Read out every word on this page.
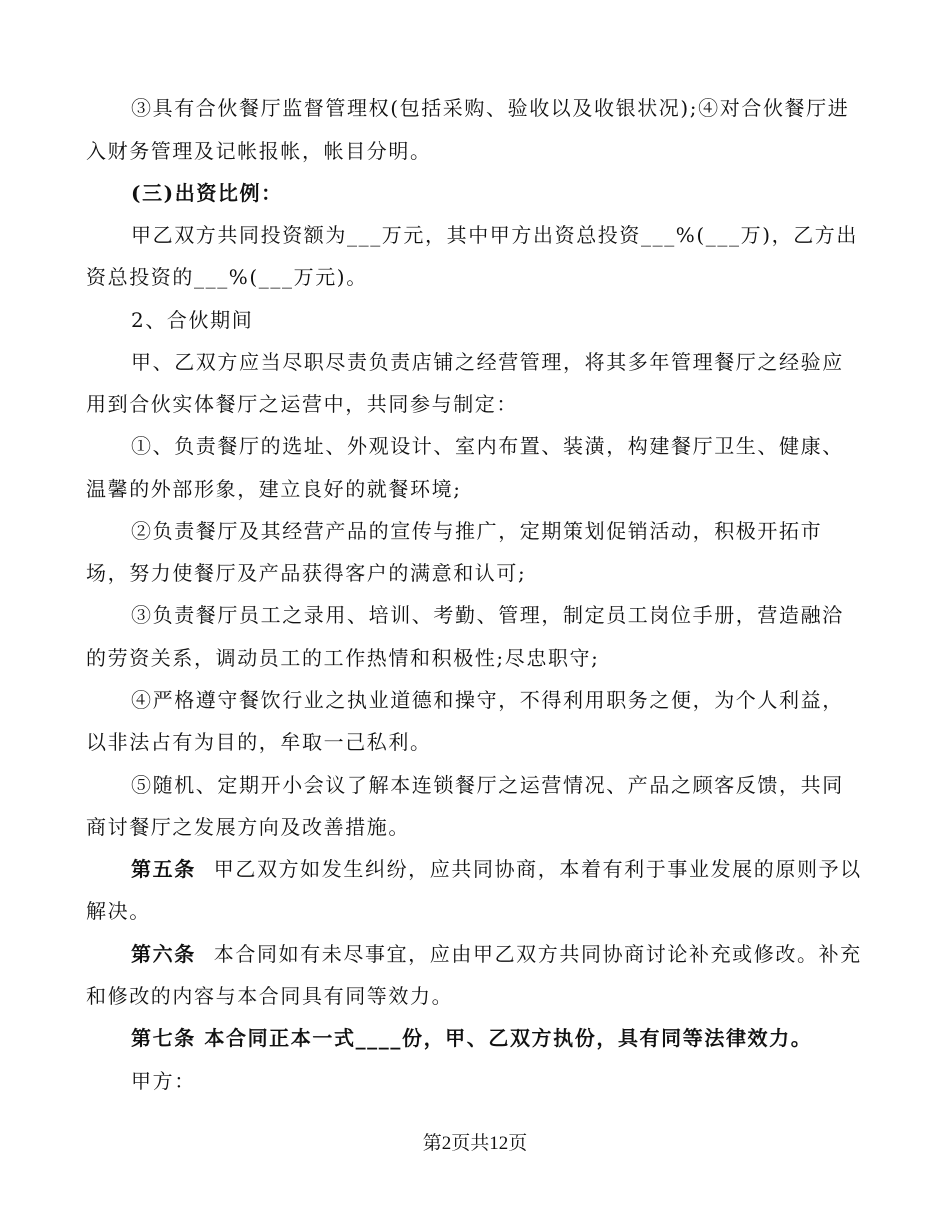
③具有合伙餐厅监督管理权(包括采购、验收以及收银状况);④对合伙餐厅进
入财务管理及记帐报帐，帐目分明。
(三)出资比例：
甲乙双方共同投资额为___万元，其中甲方出资总投资___%(___万)，乙方出
资总投资的___%(___万元)。
2、合伙期间
甲、乙双方应当尽职尽责负责店铺之经营管理，将其多年管理餐厅之经验应
用到合伙实体餐厅之运营中，共同参与制定：
①、负责餐厅的选址、外观设计、室内布置、装潢，构建餐厅卫生、健康、
温馨的外部形象，建立良好的就餐环境;
②负责餐厅及其经营产品的宣传与推广，定期策划促销活动，积极开拓市
场，努力使餐厅及产品获得客户的满意和认可;
③负责餐厅员工之录用、培训、考勤、管理，制定员工岗位手册，营造融洽
的劳资关系，调动员工的工作热情和积极性;尽忠职守;
④严格遵守餐饮行业之执业道德和操守，不得利用职务之便，为个人利益，
以非法占有为目的，牟取一己私利。
⑤随机、定期开小会议了解本连锁餐厅之运营情况、产品之顾客反馈，共同
商讨餐厅之发展方向及改善措施。
第五条 甲乙双方如发生纠纷，应共同协商，本着有利于事业发展的原则予以
解决。
第六条 本合同如有未尽事宜，应由甲乙双方共同协商讨论补充或修改。补充
和修改的内容与本合同具有同等效力。
第七条 本合同正本一式____份，甲、乙双方执份，具有同等法律效力。
甲方：
第2页共12页
